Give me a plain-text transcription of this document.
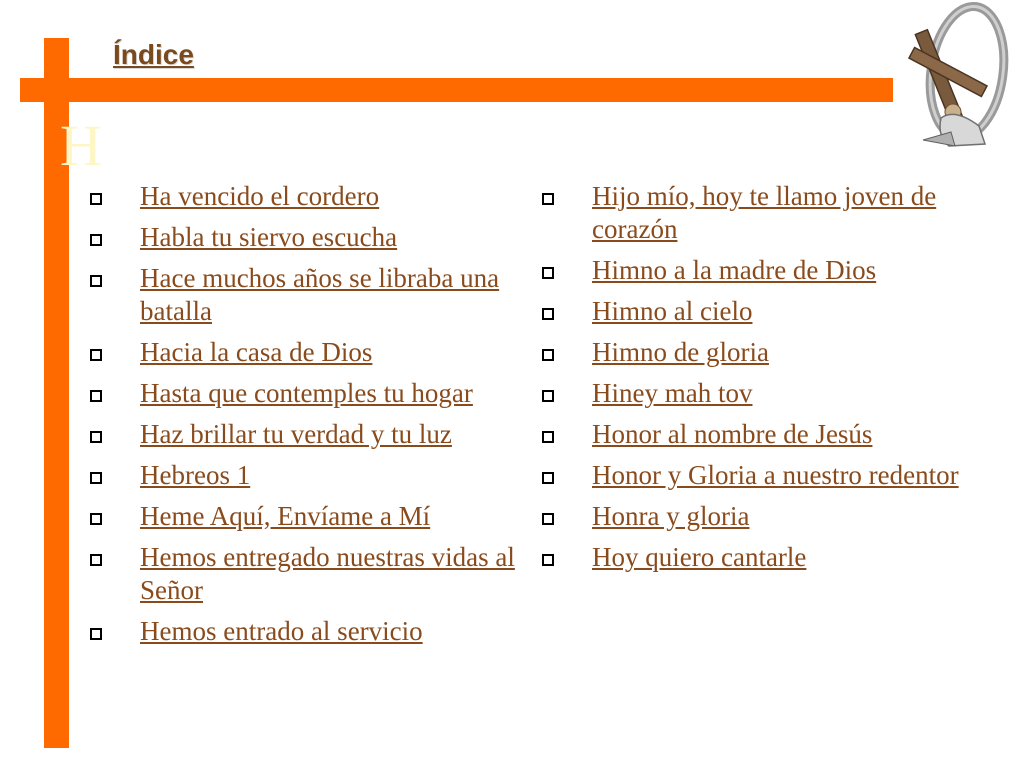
Índice
H
Ha vencido el cordero
Habla tu siervo escucha
Hace muchos años se libraba una batalla
Hacia la casa de Dios
Hasta que contemples tu hogar
Haz brillar tu verdad y tu luz
Hebreos 1
Heme Aquí, Envíame a Mí
Hemos entregado nuestras vidas al Señor
Hemos entrado al servicio
Hijo mío, hoy te llamo joven de corazón
Himno a la madre de Dios
Himno al cielo
Himno de gloria
Hiney mah tov
Honor al nombre de Jesús
Honor y Gloria a nuestro redentor
Honra y gloria
Hoy quiero cantarle
